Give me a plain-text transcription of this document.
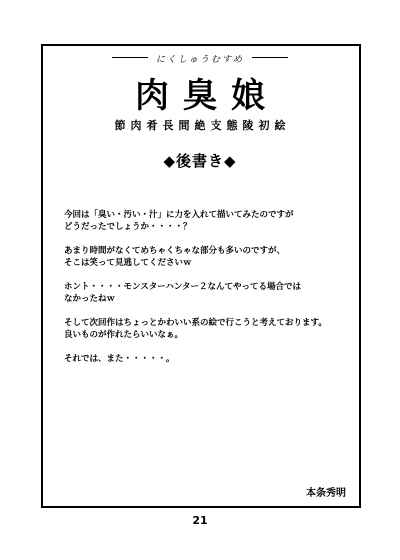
にくしゅうむすめ
肉臭娘
節肉肴長間絶支態陵初絵
◆後書き◆

今回は「臭い・汚い・汁」に力を入れて描いてみたのですが
どうだったでしょうか・・・・？

あまり時間がなくてめちゃくちゃな部分も多いのですが、
そこは笑って見逃してくださいｗ

ホント・・・・モンスターハンター２なんてやってる場合では
なかったねｗ

そして次回作はちょっとかわいい系の絵で行こうと考えております。
良いものが作れたらいいなぁ。

それでは、また・・・・・。

本条秀明
21
